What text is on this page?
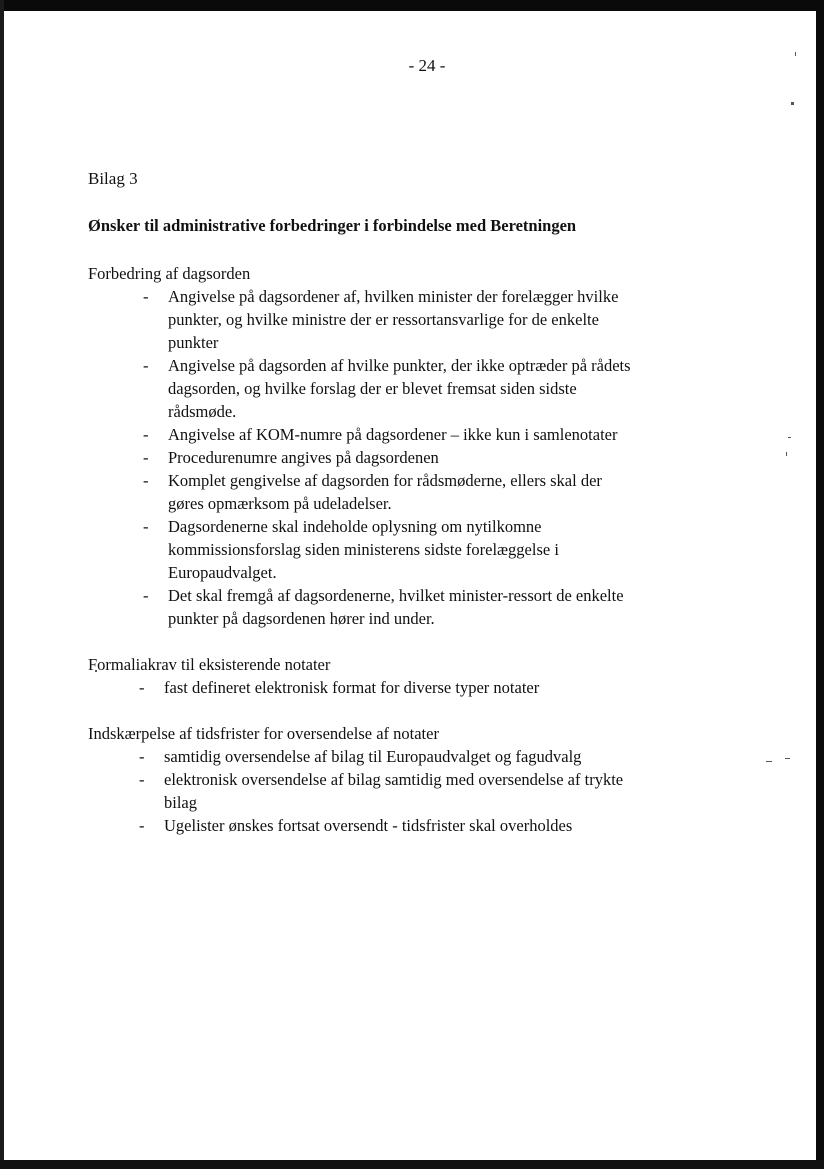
- 24 -
Bilag 3
Ønsker til administrative forbedringer i forbindelse med Beretningen
Forbedring af dagsorden
- Angivelse på dagsordener af, hvilken minister der forelægger hvilke punkter, og hvilke ministre der er ressortansvarlige for de enkelte punkter
- Angivelse på dagsorden af hvilke punkter, der ikke optræder på rådets dagsorden, og hvilke forslag der er blevet fremsat siden sidste rådsmøde.
- Angivelse af KOM-numre på dagsordener – ikke kun i samlenotater
- Procedurenumre angives på dagsordenen
- Komplet gengivelse af dagsorden for rådsmøderne, ellers skal der gøres opmærksom på udeladelser.
- Dagsordenerne skal indeholde oplysning om nytilkomne kommissionsforslag siden ministerens sidste forelæggelse i Europaudvalget.
- Det skal fremgå af dagsordenerne, hvilket minister-ressort de enkelte punkter på dagsordenen hører ind under.
Formaliakrav til eksisterende notater
- fast defineret elektronisk format for diverse typer notater
Indskærpelse af tidsfrister for oversendelse af notater
- samtidig oversendelse af bilag til Europaudvalget og fagudvalg
- elektronisk oversendelse af bilag samtidig med oversendelse af trykte bilag
- Ugelister ønskes fortsat oversendt - tidsfrister skal overholdes
